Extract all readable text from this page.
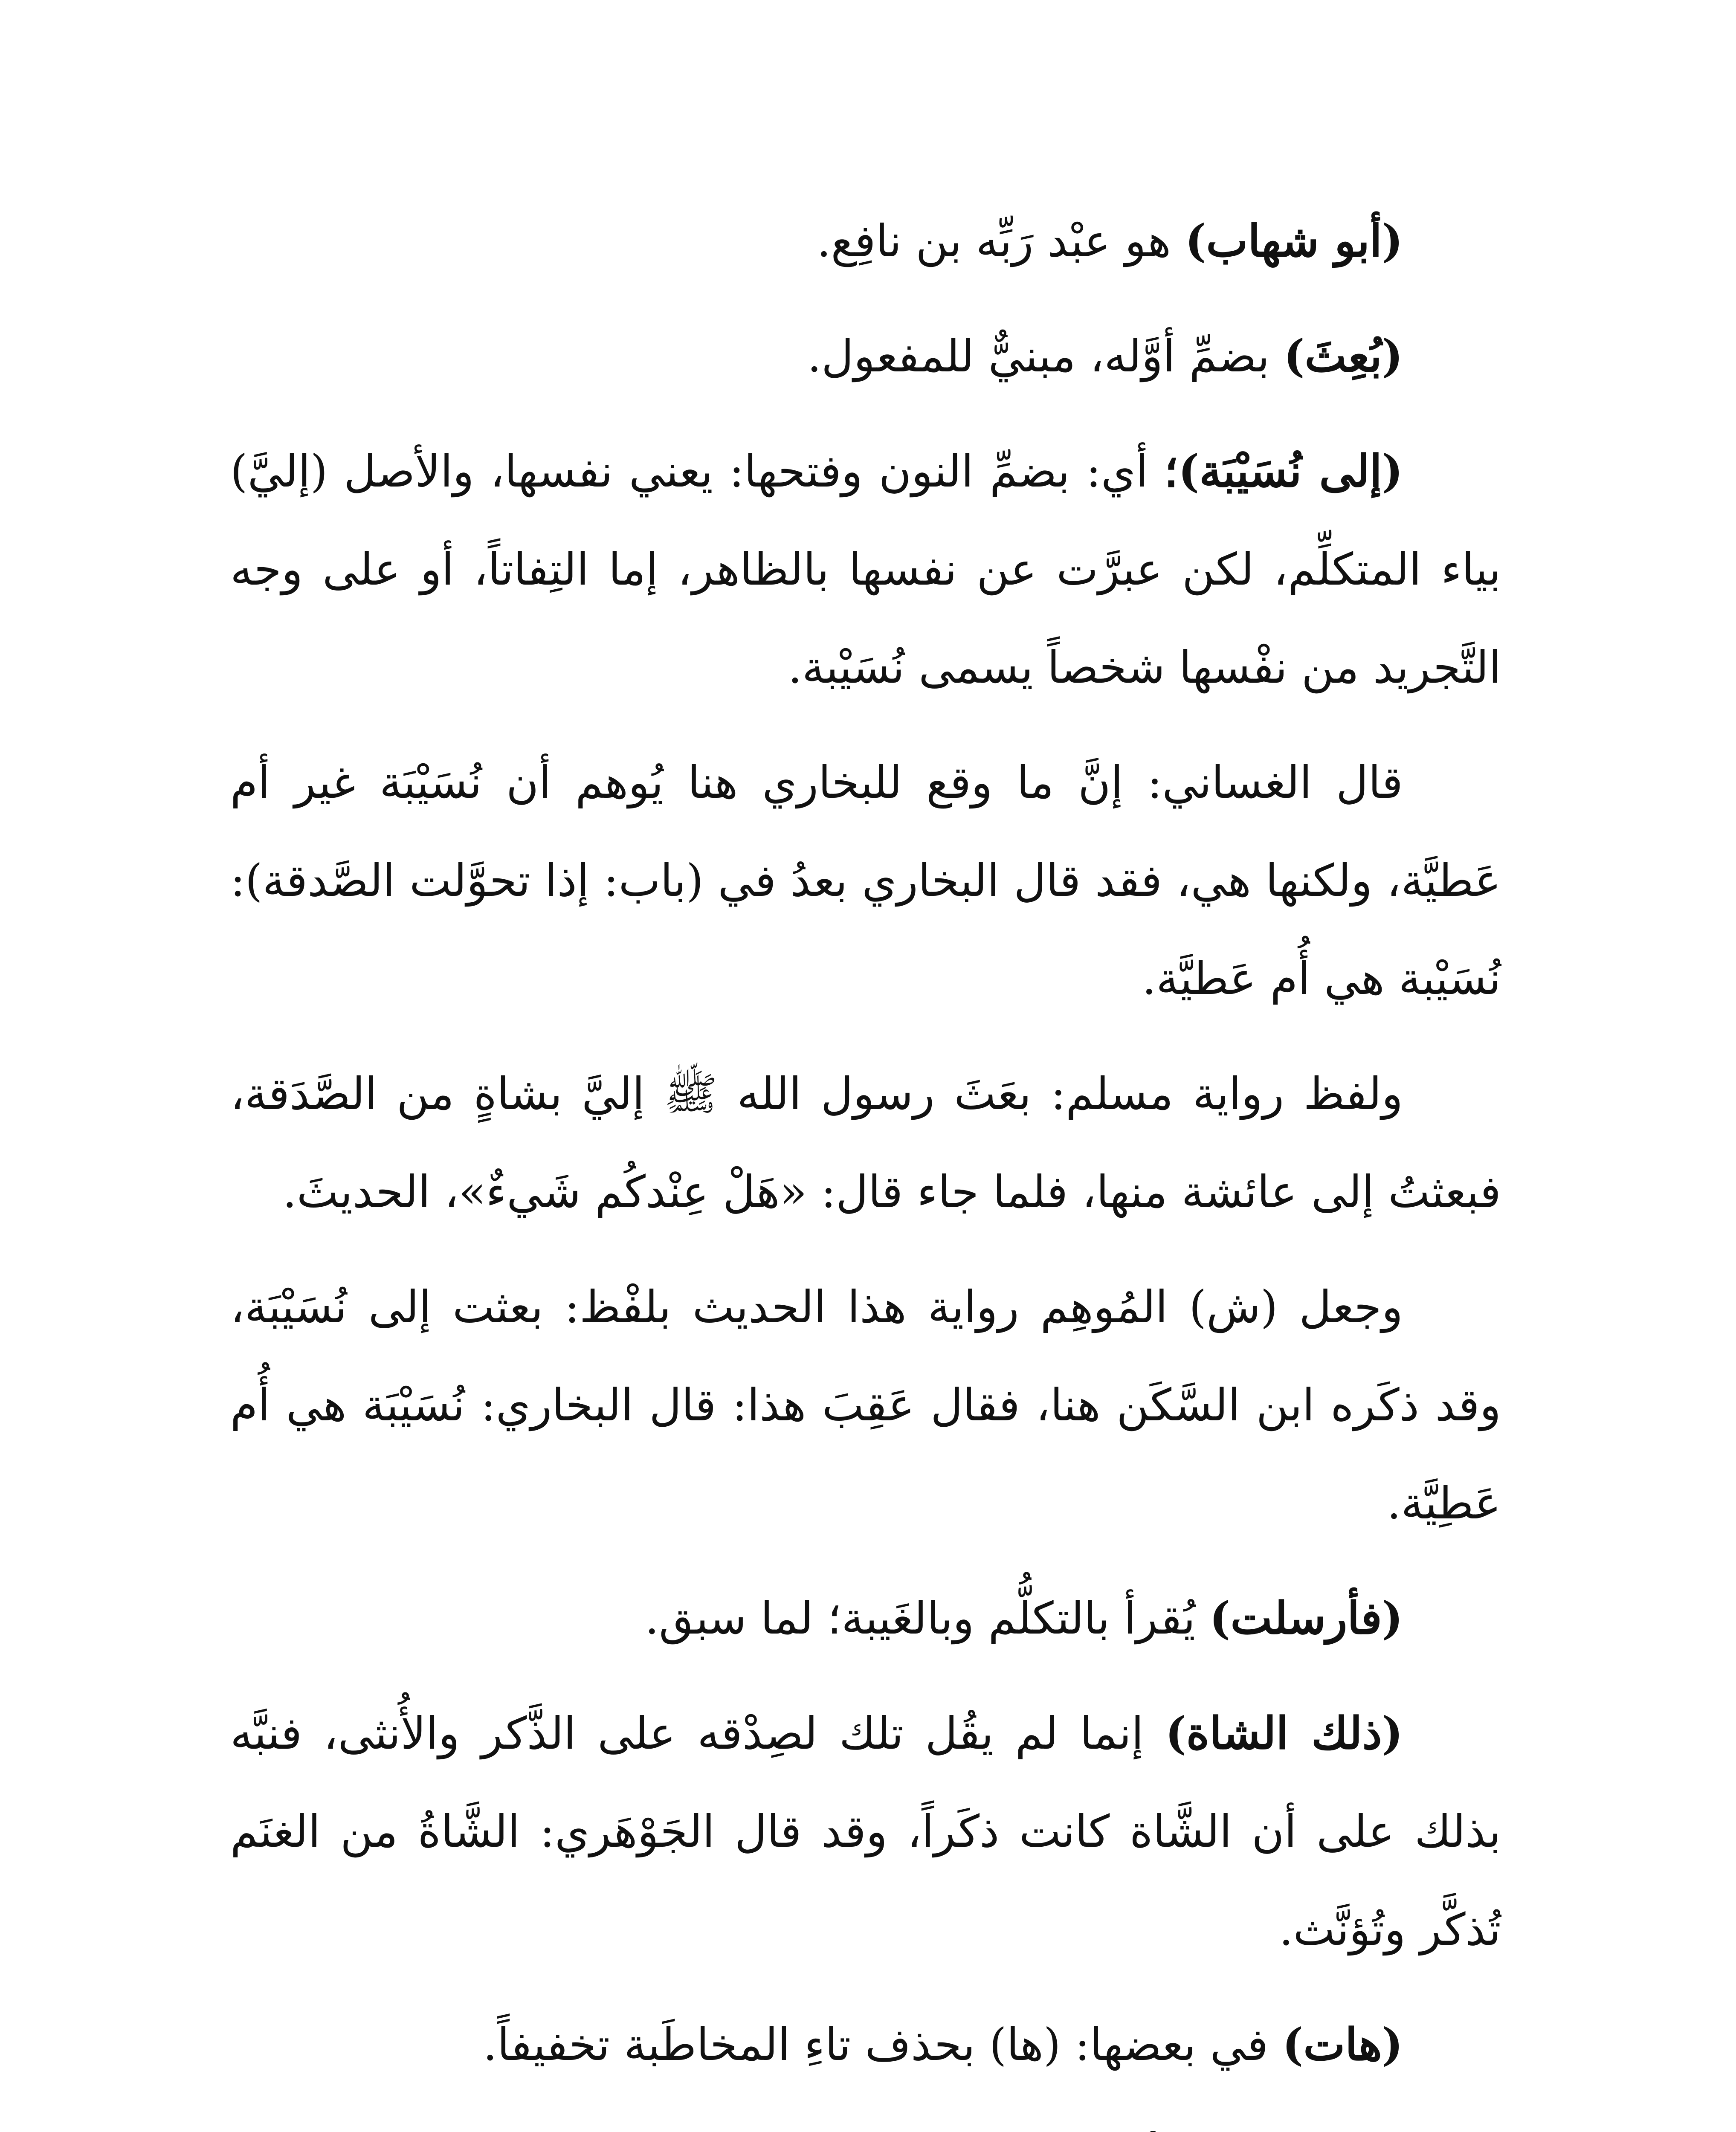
(أبو شهاب) هو عبْد رَبِّه بن نافِع.

(بُعِثَ) بضمِّ أوَّله، مبنيٌّ للمفعول.

(إلى نُسَيْبَة)؛ أي: بضمِّ النون وفتحها: يعني نفسها، والأصل (إليَّ) بياء المتكلِّم، لكن عبرَّت عن نفسها بالظاهر، إما التِفاتاً، أو على وجه التَّجريد من نفْسها شخصاً يسمى نُسَيْبة.

قال الغساني: إنَّ ما وقع للبخاري هنا يُوهم أن نُسَيْبَة غير أم عَطيَّة، ولكنها هي، فقد قال البخاري بعدُ في (باب: إذا تحوَّلت الصَّدقة): نُسَيْبة هي أُم عَطيَّة.

ولفظ رواية مسلم: بعَثَ رسول الله ﷺ إليَّ بشاةٍ من الصَّدَقة، فبعثتُ إلى عائشة منها، فلما جاء قال: «هَلْ عِنْدكُم شَيءٌ»، الحديثَ.

وجعل (ش) المُوهِم رواية هذا الحديث بلفْظ: بعثت إلى نُسَيْبَة، وقد ذكَره ابن السَّكَن هنا، فقال عَقِبَ هذا: قال البخاري: نُسَيْبَة هي أُم عَطِيَّة.

(فأرسلت) يُقرأ بالتكلُّم وبالغَيبة؛ لما سبق.

(ذلك الشاة) إنما لم يقُل تلك لصِدْقه على الذَّكر والأُنثى، فنبَّه بذلك على أن الشَّاة كانت ذكَراً، وقد قال الجَوْهَري: الشَّاةُ من الغنَم تُذكَّر وتُؤنَّث.

(هات) في بعضها: (ها) بحذف تاءِ المخاطَبة تخفيفاً.
